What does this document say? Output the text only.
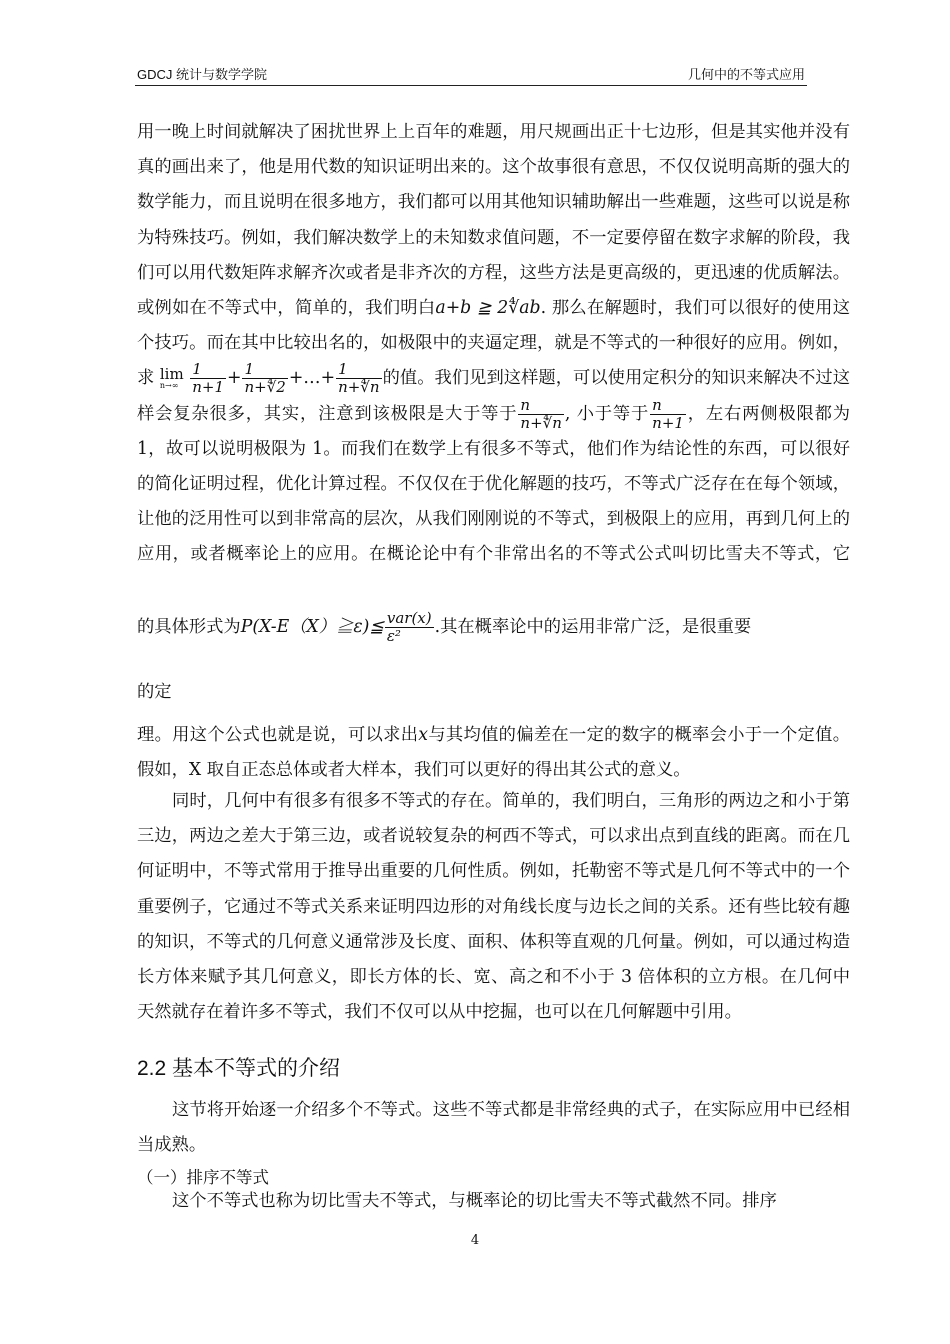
GDCJ 统计与数学学院	几何中的不等式应用

用一晚上时间就解决了困扰世界上上百年的难题，用尺规画出正十七边形，但是其实他并没有真的画出来了，他是用代数的知识证明出来的。这个故事很有意思，不仅仅说明高斯的强大的数学能力，而且说明在很多地方，我们都可以用其他知识辅助解出一些难题，这些可以说是称为特殊技巧。例如，我们解决数学上的未知数求值问题，不一定要停留在数字求解的阶段，我们可以用代数矩阵求解齐次或者是非齐次的方程，这些方法是更高级的，更迅速的优质解法。或例如在不等式中，简单的，我们明白a+b ≧ 2∜ab. 那么在解题时，我们可以很好的使用这个技巧。而在其中比较出名的，如极限中的夹逼定理，就是不等式的一种很好的应用。例如，求 lim
n→∞
$\frac{1}{n+1} + \frac{1}{n+∜2}$ +…+ $\frac{1}{n+∜n}$ 的值。我们见到这样题，可以使用定积分的知识来解决不过这样会复杂很多，其实，注意到该极限是大于等于 $\frac{n}{n+∜n}$ , 小于等于 $\frac{n}{n+1}$ ，左右两侧极限都为 1，故可以说明极限为 1。而我们在数学上有很多不等式，他们作为结论性的东西，可以很好的简化证明过程，优化计算过程。不仅仅在于优化解题的技巧，不等式广泛存在在每个领域，让他的泛用性可以到非常高的层次，从我们刚刚说的不等式，到极限上的应用，再到几何上的应用，或者概率论上的应用。在概论论中有个非常出名的不等式公式叫切比雪夫不等式，它

的具体形式为P(X-E（X）≧ε)≦ $\frac{\text{var(x)}}{\text{ε²}}$ .其在概率论中的运用非常广泛，是很重要

的定

理。用这个公式也就是说，可以求出x与其均值的偏差在一定的数字的概率会小于一个定值。假如，X 取自正态总体或者大样本，我们可以更好的得出其公式的意义。

同时，几何中有很多有很多不等式的存在。简单的，我们明白，三角形的两边之和小于第三边，两边之差大于第三边，或者说较复杂的柯西不等式，可以求出点到直线的距离。而在几何证明中，不等式常用于推导出重要的几何性质。例如，托勒密不等式是几何不等式中的一个重要例子，它通过不等式关系来证明四边形的对角线长度与边长之间的关系。还有些比较有趣的知识，不等式的几何意义通常涉及长度、面积、体积等直观的几何量。例如，可以通过构造长方体来赋予其几何意义，即长方体的长、宽、高之和不小于 3 倍体积的立方根。在几何中天然就存在着许多不等式，我们不仅可以从中挖掘，也可以在几何解题中引用。

2.2 基本不等式的介绍

这节将开始逐一介绍多个不等式。这些不等式都是非常经典的式子，在实际应用中已经相当成熟。

（一）排序不等式

这个不等式也称为切比雪夫不等式，与概率论的切比雪夫不等式截然不同。排序

4
